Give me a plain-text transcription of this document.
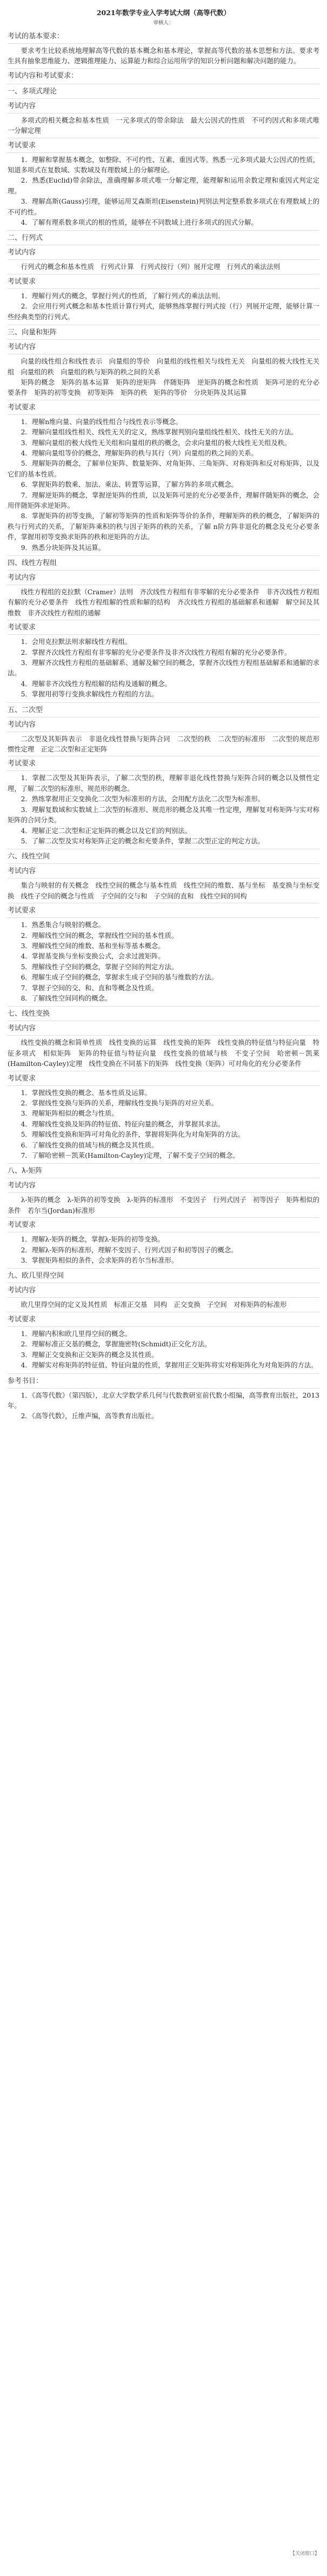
2021年数学专业入学考试大纲（高等代数）
审核人：
考试的基本要求：

要求考生比较系统地理解高等代数的基本概念和基本理论，掌握高等代数的基本思想和方法。要求考生具有抽象思维能力、逻辑推理能力、运算能力和综合运用所学的知识分析问题和解决问题的能力。

考试内容和考试要求：
一、多项式理论
考试内容

多项式的相关概念和基本性质　一元多项式的带余除法　最大公因式的性质　不可约因式和多项式唯一分解定理

考试要求

1．理解和掌握基本概念，如整除、不可约性、互素、重因式等。熟悉一元多项式最大公因式的性质，知道多项式在复数域、实数域及有理数域上的分解理论。

2．熟悉(Euclid)带余除法，准确理解多项式唯一分解定理，能理解和运用余数定理和重因式判定定理。

3．理解高斯(Gauss)引理，能够运用艾森斯坦(Eisenstein)判别法判定整系数多项式在有理数域上的不可约性。

4．了解有理系数多项式的根的性质，能够在不同数域上进行多项式的因式分解。

二、行列式
考试内容

行列式的概念和基本性质　行列式计算　行列式按行（列）展开定理　行列式的乘法法则

考试要求

1．理解行列式的概念，掌握行列式的性质，了解行列式的乘法法则。

2．会应用行列式概念和基本性质计算行列式，能够熟练掌握行列式按（行）列展开定理，能够计算一些经典类型的行列式。

三、向量和矩阵
考试内容

向量的线性组合和线性表示　向量组的等价　向量组的线性相关与线性无关　向量组的极大线性无关组　向量组的秩　向量组的秩与矩阵的秩之间的关系

矩阵的概念　矩阵的基本运算　矩阵的逆矩阵　伴随矩阵　逆矩阵的概念和性质　矩阵可逆的充分必要条件　矩阵的初等变换　初等矩阵　矩阵的秩　矩阵的等价　分块矩阵及其运算

考试要求

1．理解n维向量、向量的线性组合与线性表示等概念。

2．理解向量组线性相关、线性无关的定义，熟练掌握判别向量组线性相关、线性无关的方法。

3．理解向量组的极大线性无关组和向量组的秩的概念，会求向量组的极大线性无关组及秩。

4．理解向量组等价的概念，理解矩阵的秩与其行（列）向量组的秩之间的关系。

5．理解矩阵的概念，了解单位矩阵、数量矩阵、对角矩阵、三角矩阵、对称矩阵和反对称矩阵，以及它们的基本性质。

6．掌握矩阵的数乘、加法、乘法、转置等运算，了解方阵的多项式概念。

7．理解逆矩阵的概念，掌握逆矩阵的性质，以及矩阵可逆的充分必要条件，理解伴随矩阵的概念，会用伴随矩阵求逆矩阵。

8．掌握矩阵的初等变换，了解初等矩阵的性质和矩阵等价的条件，理解矩阵的秩的概念，了解矩阵的秩与行列式的关系，了解矩阵乘积的秩与因子矩阵的秩的关系，了解 n阶方阵非退化的概念及充分必要条件，掌握用初等变换求矩阵的秩和逆矩阵的方法。

9．熟悉分块矩阵及其运算。

四、线性方程组
考试内容

线性方程组的克拉默（Cramer）法则　齐次线性方程组有非零解的充分必要条件　非齐次线性方程组有解的充分必要条件　线性方程组解的性质和解的结构　齐次线性方程组的基础解系和通解　解空间及其维数　非齐次线性方程组的通解

考试要求

1．会用克拉默法则求解线性方程组。

2．掌握齐次线性方程组有非零解的充分必要条件及非齐次线性方程组有解的充分必要条件。

3．理解齐次线性方程组的基础解系、通解及解空间的概念，掌握齐次线性方程组基础解系和通解的求法。

4．理解非齐次线性方程组解的结构及通解的概念。

5．掌握用初等行变换求解线性方程组的方法。

五、二次型
考试内容

二次型及其矩阵表示　非退化线性替换与矩阵合同　二次型的秩　二次型的标准形　二次型的规范形　惯性定理　正定二次型和正定矩阵

考试要求

1．掌握二次型及其矩阵表示，了解二次型的秩，理解非退化线性替换与矩阵合同的概念以及惯性定理，了解二次型的标准形、规范形的概念。

2．熟练掌握用正交变换化二次型为标准形的方法，会用配方法化二次型为标准形。

3．理解复数域和实数域上二次型的标准形、规范形的概念及其唯一性定理，理解复对称矩阵与实对称矩阵的合同分类。

4．理解正定二次型和正定矩阵的概念以及它们的判别法。

5．了解二次型及实对称矩阵正定的概念和充要条件，掌握二次型正定的判定方法。

六、线性空间
考试内容

集合与映射的有关概念　线性空间的概念与基本性质　线性空间的维数、基与坐标　基变换与坐标变换　线性子空间的概念与性质　子空间的交与和　子空间的直和　线性空间的同构

考试要求

1．熟悉集合与映射的概念。

2．理解线性空间的概念，掌握线性空间的基本性质。

3．理解线性空间的维数、基和坐标等基本概念。

4．掌握基变换与坐标变换公式，会求过渡矩阵。

5．理解线性子空间的概念，掌握子空间的判定方法。

6．理解生成子空间的概念，掌握求生成子空间的基与维数的方法。

7．掌握子空间的交、和、直和等概念及性质。

8．了解线性空间同构的概念。

七、线性变换
考试内容

线性变换的概念和简单性质　线性变换的运算　线性变换的矩阵　线性变换的特征值与特征向量　特征多项式　相似矩阵　矩阵的特征值与特征向量　线性变换的值域与核　不变子空间　哈密顿－凯莱(Hamilton-Cayley)定理　线性变换在不同基下的矩阵　线性变换（矩阵）可对角化的充分必要条件

考试要求

1．掌握线性变换的概念、基本性质及运算。

2．掌握线性变换与矩阵的关系，理解线性变换与矩阵的对应关系。

3．理解矩阵相似的概念与性质。

4．理解线性变换及矩阵的特征值、特征向量的概念，并掌握其求法。

5．理解线性变换和矩阵可对角化的条件，掌握将矩阵化为对角矩阵的方法。

6．了解线性变换的值域与核的概念及其性质。

7．了解哈密顿－凯莱(Hamilton-Cayley)定理，了解不变子空间的概念。

八、λ-矩阵
考试内容

λ-矩阵的概念　λ-矩阵的初等变换　λ-矩阵的标准形　不变因子　行列式因子　初等因子　矩阵相似的条件　若尔当(Jordan)标准形

考试要求

1．理解λ-矩阵的概念，掌握λ-矩阵的初等变换。

2．理解λ-矩阵的标准形，理解不变因子、行列式因子和初等因子的概念。

3．掌握矩阵相似的条件，会求矩阵的若尔当标准形。

九、欧几里得空间
考试内容

欧几里得空间的定义及其性质　标准正交基　同构　正交变换　子空间　对称矩阵的标准形

考试要求

1．理解内积和欧几里得空间的概念。

2．理解标准正交基的概念，掌握施密特(Schmidt)正交化方法。

3．理解正交变换和正交矩阵的概念及其性质。

4．理解实对称矩阵的特征值、特征向量的性质，掌握用正交矩阵将实对称矩阵化为对角矩阵的方法。

参考书目：

1．《高等代数》（第四版），北京大学数学系几何与代数教研室前代数小组编，高等教育出版社，2013年。

2．《高等代数》，丘维声编，高等教育出版社。

【关闭窗口】
